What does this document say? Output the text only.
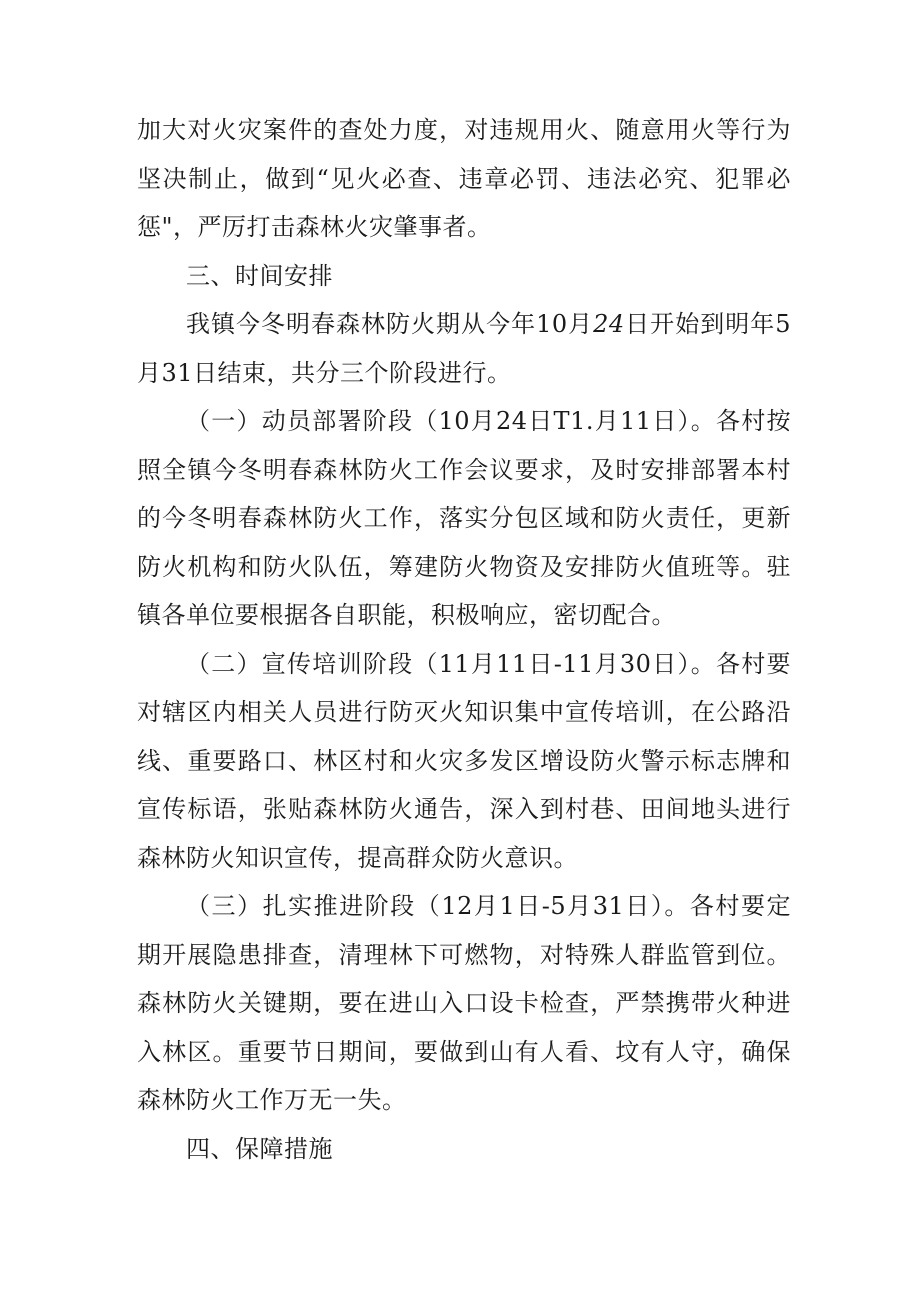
加大对火灾案件的查处力度，对违规用火、随意用火等行为坚决制止，做到“见火必查、违章必罚、违法必究、犯罪必惩"，严厉打击森林火灾肇事者。

三、时间安排

我镇今冬明春森林防火期从今年10月24日开始到明年5月31日结束，共分三个阶段进行。

（一）动员部署阶段（10月24日T1.月11日）。各村按照全镇今冬明春森林防火工作会议要求，及时安排部署本村的今冬明春森林防火工作，落实分包区域和防火责任，更新防火机构和防火队伍，筹建防火物资及安排防火值班等。驻镇各单位要根据各自职能，积极响应，密切配合。

（二）宣传培训阶段（11月11日-11月30日）。各村要对辖区内相关人员进行防灭火知识集中宣传培训，在公路沿线、重要路口、林区村和火灾多发区增设防火警示标志牌和宣传标语，张贴森林防火通告，深入到村巷、田间地头进行森林防火知识宣传，提高群众防火意识。

（三）扎实推进阶段（12月1日-5月31日）。各村要定期开展隐患排查，清理林下可燃物，对特殊人群监管到位。森林防火关键期，要在进山入口设卡检查，严禁携带火种进入林区。重要节日期间，要做到山有人看、坟有人守，确保森林防火工作万无一失。

四、保障措施
